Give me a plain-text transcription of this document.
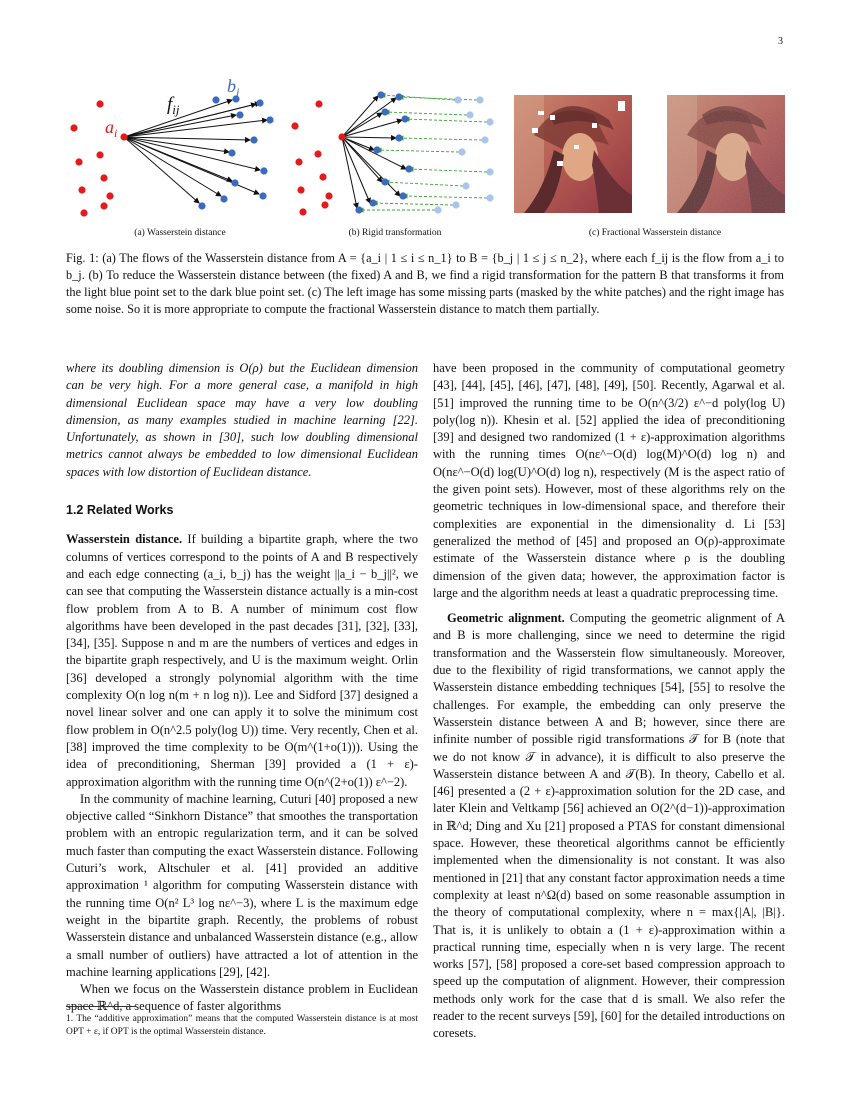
3
$a_i$
$f_{ij}$
$b_j$
(a) Wasserstein distance	(b) Rigid transformation	(c) Fractional Wasserstein distance
Fig. 1: (a) The flows of the Wasserstein distance from A = {a_i | 1 ≤ i ≤ n_1} to B = {b_j | 1 ≤ j ≤ n_2}, where each f_ij is the flow from a_i to b_j. (b) To reduce the Wasserstein distance between (the fixed) A and B, we find a rigid transformation for the pattern B that transforms it from the light blue point set to the dark blue point set. (c) The left image has some missing parts (masked by the white patches) and the right image has some noise. So it is more appropriate to compute the fractional Wasserstein distance to match them partially.

where its doubling dimension is O(ρ) but the Euclidean dimension can be very high. For a more general case, a manifold in high dimensional Euclidean space may have a very low doubling dimension, as many examples studied in machine learning [22]. Unfortunately, as shown in [30], such low doubling dimensional metrics cannot always be embedded to low dimensional Euclidean spaces with low distortion of Euclidean distance.

1.2 Related Works

Wasserstein distance. If building a bipartite graph, where the two columns of vertices correspond to the points of A and B respectively and each edge connecting (a_i, b_j) has the weight ||a_i − b_j||², we can see that computing the Wasserstein distance actually is a min-cost flow problem from A to B. A number of minimum cost flow algorithms have been developed in the past decades [31], [32], [33], [34], [35]. Suppose n and m are the numbers of vertices and edges in the bipartite graph respectively, and U is the maximum weight. Orlin [36] developed a strongly polynomial algorithm with the time complexity O(n log n(m + n log n)). Lee and Sidford [37] designed a novel linear solver and one can apply it to solve the minimum cost flow problem in O(n^2.5 poly(log U)) time. Very recently, Chen et al. [38] improved the time complexity to be O(m^(1+o(1))). Using the idea of preconditioning, Sherman [39] provided a (1 + ε)-approximation algorithm with the running time O(n^(2+o(1)) ε^−2).

In the community of machine learning, Cuturi [40] proposed a new objective called “Sinkhorn Distance” that smoothes the transportation problem with an entropic regularization term, and it can be solved much faster than computing the exact Wasserstein distance. Following Cuturi’s work, Altschuler et al. [41] provided an additive approximation ¹ algorithm for computing Wasserstein distance with the running time O(n² L³ log nε^−3), where L is the maximum edge weight in the bipartite graph. Recently, the problems of robust Wasserstein distance and unbalanced Wasserstein distance (e.g., allow a small number of outliers) have attracted a lot of attention in the machine learning applications [29], [42].

When we focus on the Wasserstein distance problem in Euclidean space ℝ^d, a sequence of faster algorithms

1. The “additive approximation” means that the computed Wasserstein distance is at most OPT + ε, if OPT is the optimal Wasserstein distance.

have been proposed in the community of computational geometry [43], [44], [45], [46], [47], [48], [49], [50]. Recently, Agarwal et al. [51] improved the running time to be O(n^(3/2) ε^−d poly(log U) poly(log n)). Khesin et al. [52] applied the idea of preconditioning [39] and designed two randomized (1 + ε)-approximation algorithms with the running times O(nε^−O(d) log(M)^O(d) log n) and O(nε^−O(d) log(U)^O(d) log n), respectively (M is the aspect ratio of the given point sets). However, most of these algorithms rely on the geometric techniques in low-dimensional space, and therefore their complexities are exponential in the dimensionality d. Li [53] generalized the method of [45] and proposed an O(ρ)-approximate estimate of the Wasserstein distance where ρ is the doubling dimension of the given data; however, the approximation factor is large and the algorithm needs at least a quadratic preprocessing time.

Geometric alignment. Computing the geometric alignment of A and B is more challenging, since we need to determine the rigid transformation and the Wasserstein flow simultaneously. Moreover, due to the flexibility of rigid transformations, we cannot apply the Wasserstein distance embedding techniques [54], [55] to resolve the challenges. For example, the embedding can only preserve the Wasserstein distance between A and B; however, since there are infinite number of possible rigid transformations 𝒯 for B (note that we do not know 𝒯 in advance), it is difficult to also preserve the Wasserstein distance between A and 𝒯(B). In theory, Cabello et al. [46] presented a (2 + ε)-approximation solution for the 2D case, and later Klein and Veltkamp [56] achieved an O(2^(d−1))-approximation in ℝ^d; Ding and Xu [21] proposed a PTAS for constant dimensional space. However, these theoretical algorithms cannot be efficiently implemented when the dimensionality is not constant. It was also mentioned in [21] that any constant factor approximation needs a time complexity at least n^Ω(d) based on some reasonable assumption in the theory of computational complexity, where n = max{|A|, |B|}. That is, it is unlikely to obtain a (1 + ε)-approximation within a practical running time, especially when n is very large. The recent works [57], [58] proposed a core-set based compression approach to speed up the computation of alignment. However, their compression methods only work for the case that d is small. We also refer the reader to the recent surveys [59], [60] for the detailed introductions on coresets.
